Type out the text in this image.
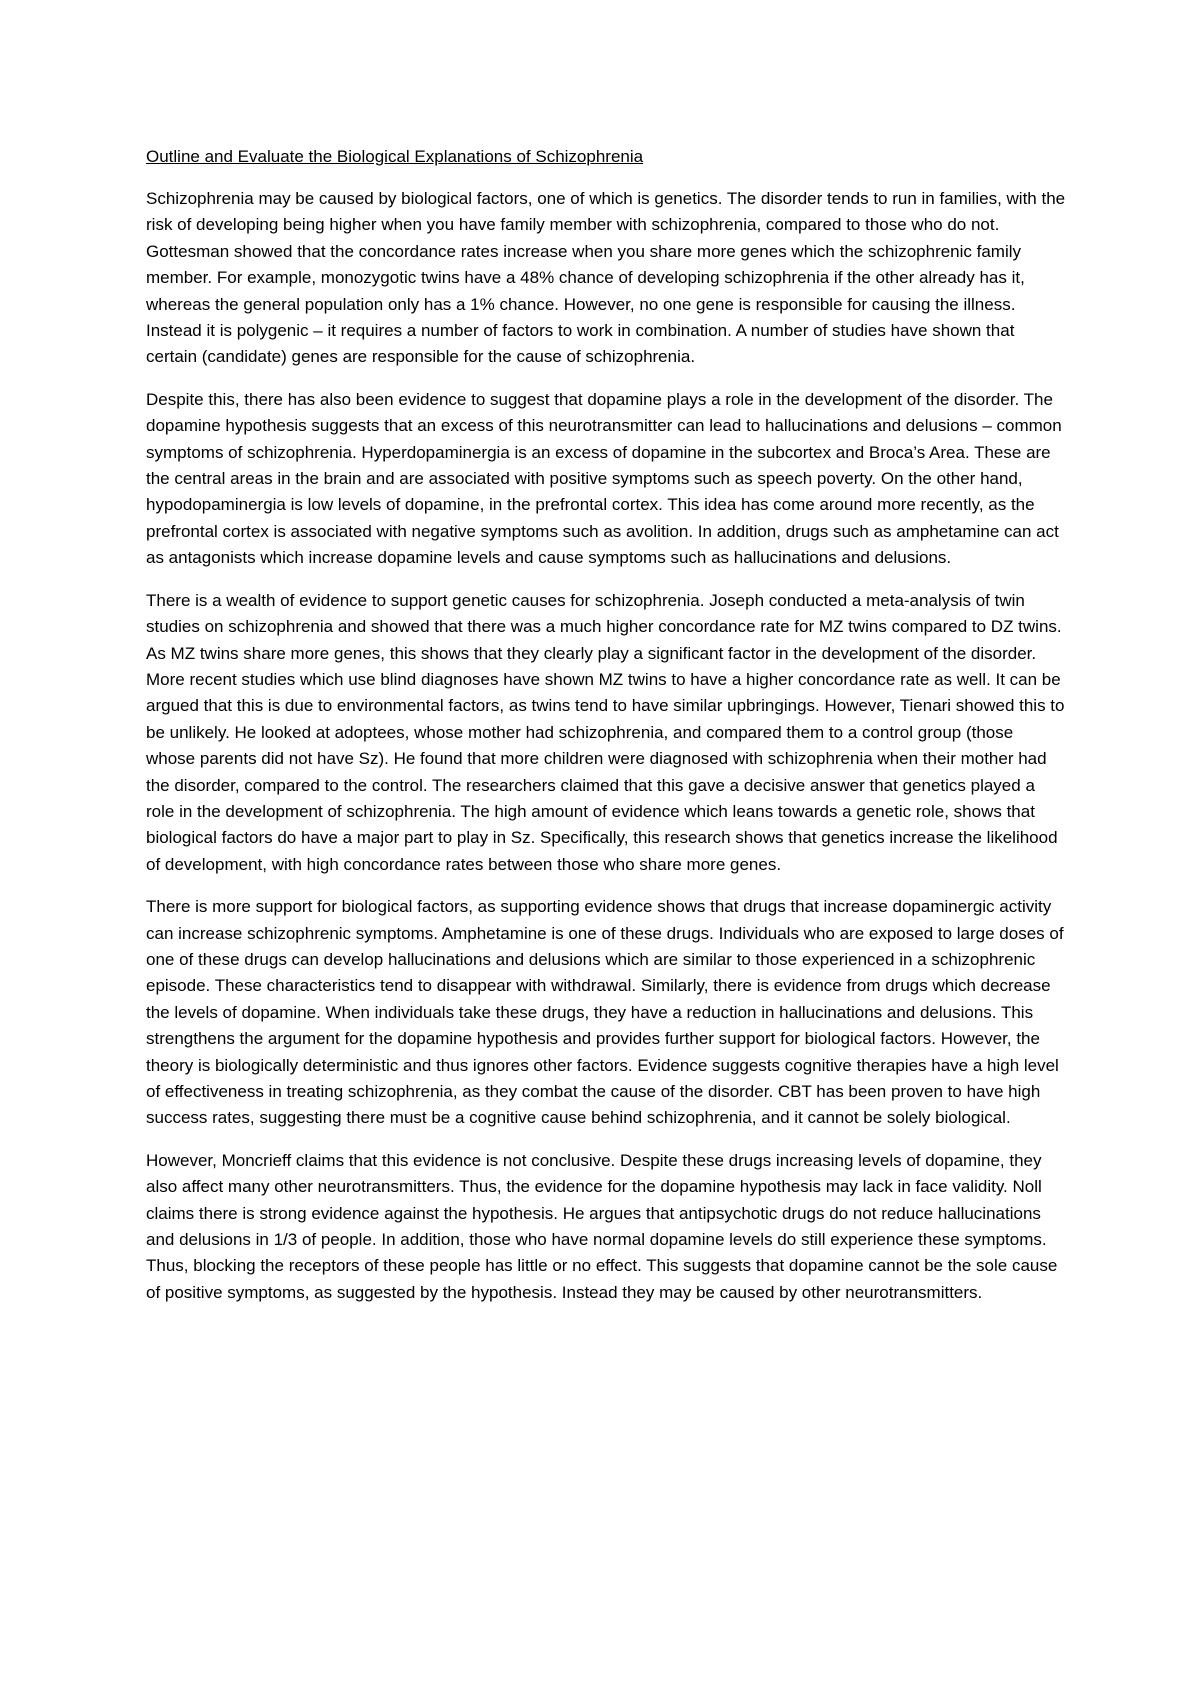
Outline and Evaluate the Biological Explanations of Schizophrenia

Schizophrenia may be caused by biological factors, one of which is genetics. The disorder tends to run in families, with the risk of developing being higher when you have family member with schizophrenia, compared to those who do not. Gottesman showed that the concordance rates increase when you share more genes which the schizophrenic family member. For example, monozygotic twins have a 48% chance of developing schizophrenia if the other already has it, whereas the general population only has a 1% chance. However, no one gene is responsible for causing the illness. Instead it is polygenic – it requires a number of factors to work in combination. A number of studies have shown that certain (candidate) genes are responsible for the cause of schizophrenia.

Despite this, there has also been evidence to suggest that dopamine plays a role in the development of the disorder. The dopamine hypothesis suggests that an excess of this neurotransmitter can lead to hallucinations and delusions – common symptoms of schizophrenia. Hyperdopaminergia is an excess of dopamine in the subcortex and Broca’s Area. These are the central areas in the brain and are associated with positive symptoms such as speech poverty. On the other hand, hypodopaminergia is low levels of dopamine, in the prefrontal cortex. This idea has come around more recently, as the prefrontal cortex is associated with negative symptoms such as avolition. In addition, drugs such as amphetamine can act as antagonists which increase dopamine levels and cause symptoms such as hallucinations and delusions.

There is a wealth of evidence to support genetic causes for schizophrenia. Joseph conducted a meta-analysis of twin studies on schizophrenia and showed that there was a much higher concordance rate for MZ twins compared to DZ twins. As MZ twins share more genes, this shows that they clearly play a significant factor in the development of the disorder. More recent studies which use blind diagnoses have shown MZ twins to have a higher concordance rate as well. It can be argued that this is due to environmental factors, as twins tend to have similar upbringings. However, Tienari showed this to be unlikely. He looked at adoptees, whose mother had schizophrenia, and compared them to a control group (those whose parents did not have Sz). He found that more children were diagnosed with schizophrenia when their mother had the disorder, compared to the control. The researchers claimed that this gave a decisive answer that genetics played a role in the development of schizophrenia. The high amount of evidence which leans towards a genetic role, shows that biological factors do have a major part to play in Sz. Specifically, this research shows that genetics increase the likelihood of development, with high concordance rates between those who share more genes.

There is more support for biological factors, as supporting evidence shows that drugs that increase dopaminergic activity can increase schizophrenic symptoms. Amphetamine is one of these drugs. Individuals who are exposed to large doses of one of these drugs can develop hallucinations and delusions which are similar to those experienced in a schizophrenic episode. These characteristics tend to disappear with withdrawal. Similarly, there is evidence from drugs which decrease the levels of dopamine. When individuals take these drugs, they have a reduction in hallucinations and delusions. This strengthens the argument for the dopamine hypothesis and provides further support for biological factors. However, the theory is biologically deterministic and thus ignores other factors. Evidence suggests cognitive therapies have a high level of effectiveness in treating schizophrenia, as they combat the cause of the disorder. CBT has been proven to have high success rates, suggesting there must be a cognitive cause behind schizophrenia, and it cannot be solely biological.

However, Moncrieff claims that this evidence is not conclusive. Despite these drugs increasing levels of dopamine, they also affect many other neurotransmitters. Thus, the evidence for the dopamine hypothesis may lack in face validity. Noll claims there is strong evidence against the hypothesis. He argues that antipsychotic drugs do not reduce hallucinations and delusions in 1/3 of people. In addition, those who have normal dopamine levels do still experience these symptoms. Thus, blocking the receptors of these people has little or no effect. This suggests that dopamine cannot be the sole cause of positive symptoms, as suggested by the hypothesis. Instead they may be caused by other neurotransmitters.
